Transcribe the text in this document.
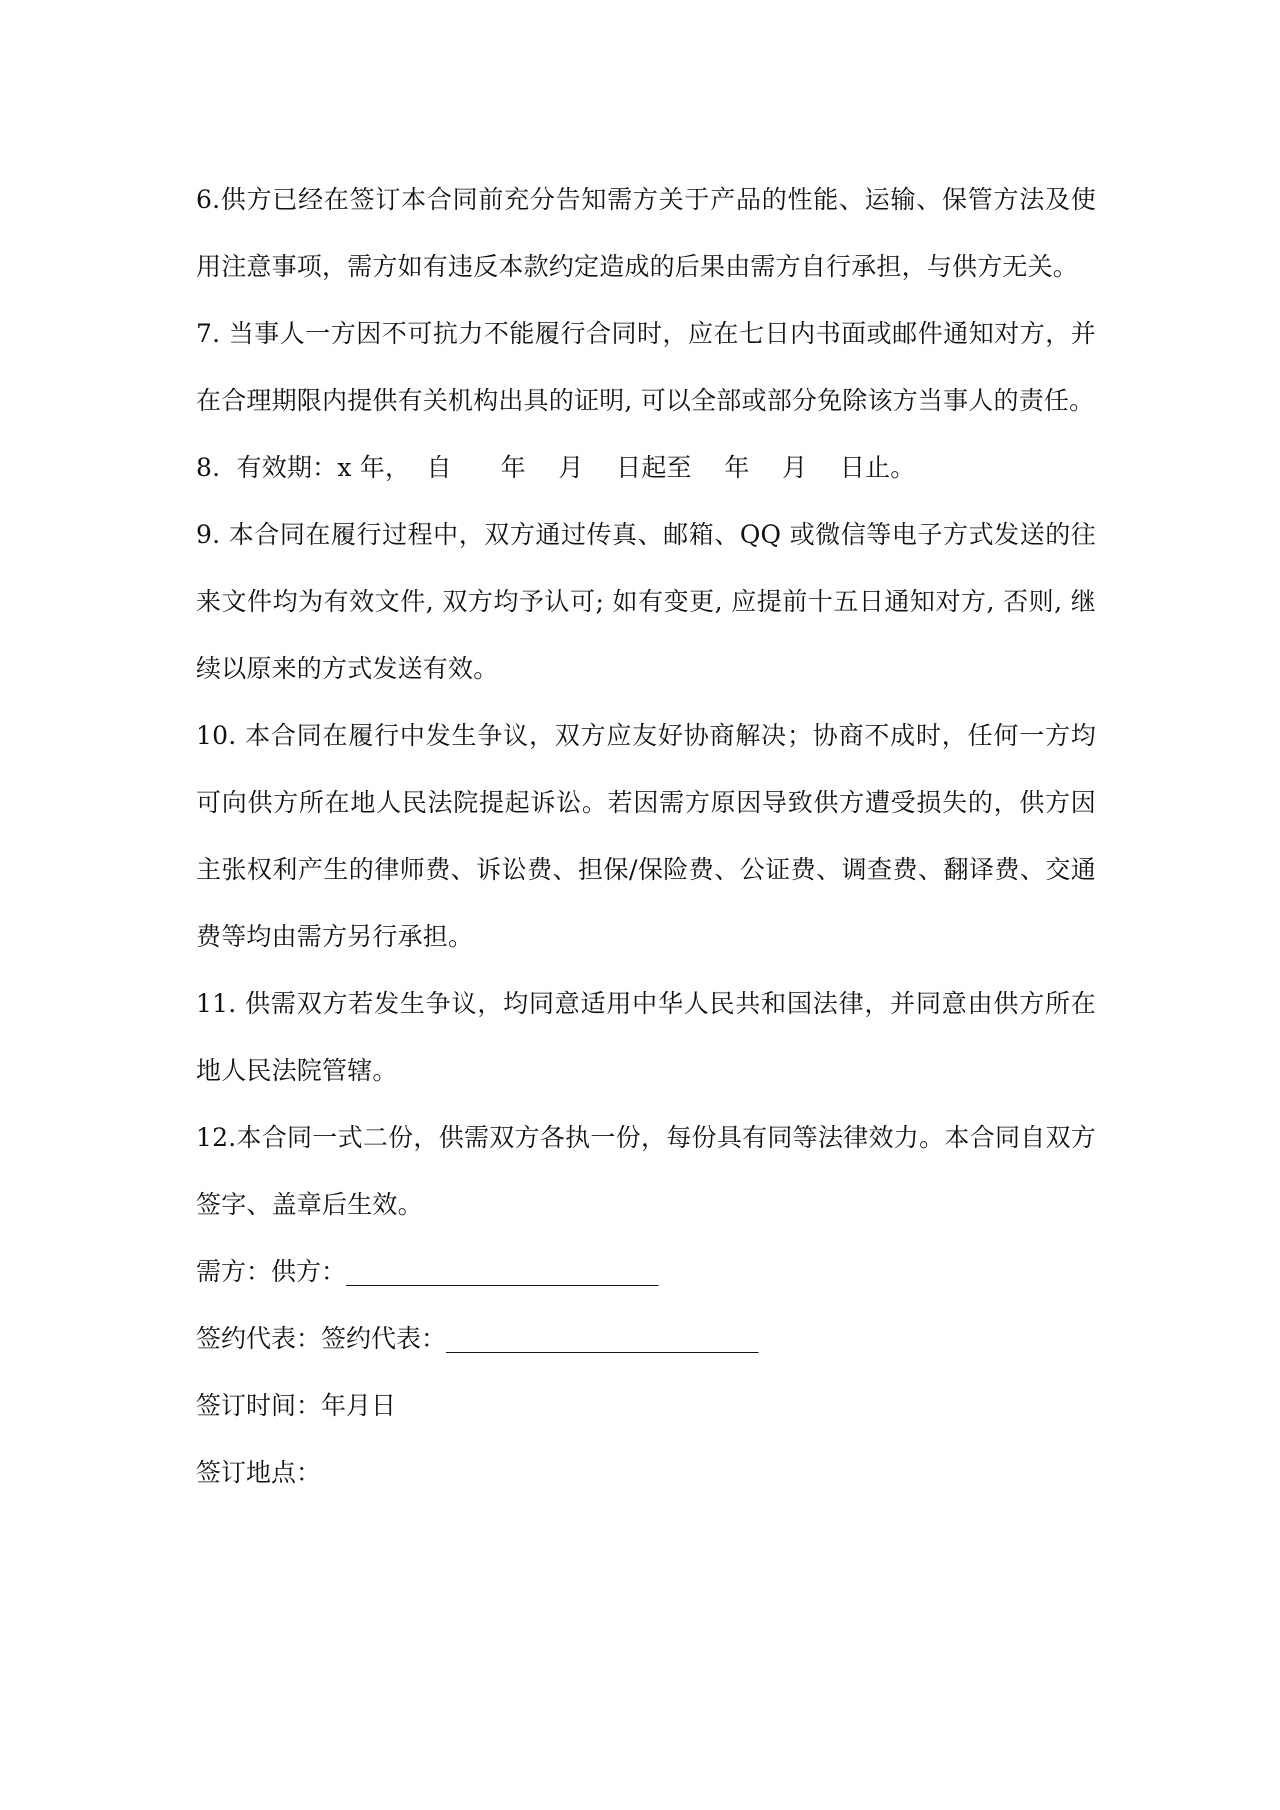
6.供方已经在签订本合同前充分告知需方关于产品的性能、运输、保管方法及使用注意事项，需方如有违反本款约定造成的后果由需方自行承担，与供方无关。

7. 当事人一方因不可抗力不能履行合同时，应在七日内书面或邮件通知对方，并在合理期限内提供有关机构出具的证明, 可以全部或部分免除该方当事人的责任。

8.  有效期：x 年，  自      年    月    日起至    年    月    日止。

9. 本合同在履行过程中，双方通过传真、邮箱、QQ 或微信等电子方式发送的往来文件均为有效文件, 双方均予认可; 如有变更, 应提前十五日通知对方, 否则, 继续以原来的方式发送有效。

10. 本合同在履行中发生争议，双方应友好协商解决；协商不成时，任何一方均可向供方所在地人民法院提起诉讼。若因需方原因导致供方遭受损失的，供方因主张权利产生的律师费、诉讼费、担保/保险费、公证费、调查费、翻译费、交通费等均由需方另行承担。

11. 供需双方若发生争议，均同意适用中华人民共和国法律，并同意由供方所在地人民法院管辖。

12.本合同一式二份，供需双方各执一份，每份具有同等法律效力。本合同自双方签字、盖章后生效。

需方：供方：_________________________

签约代表：签约代表：_________________________

签订时间：年月日

签订地点：
